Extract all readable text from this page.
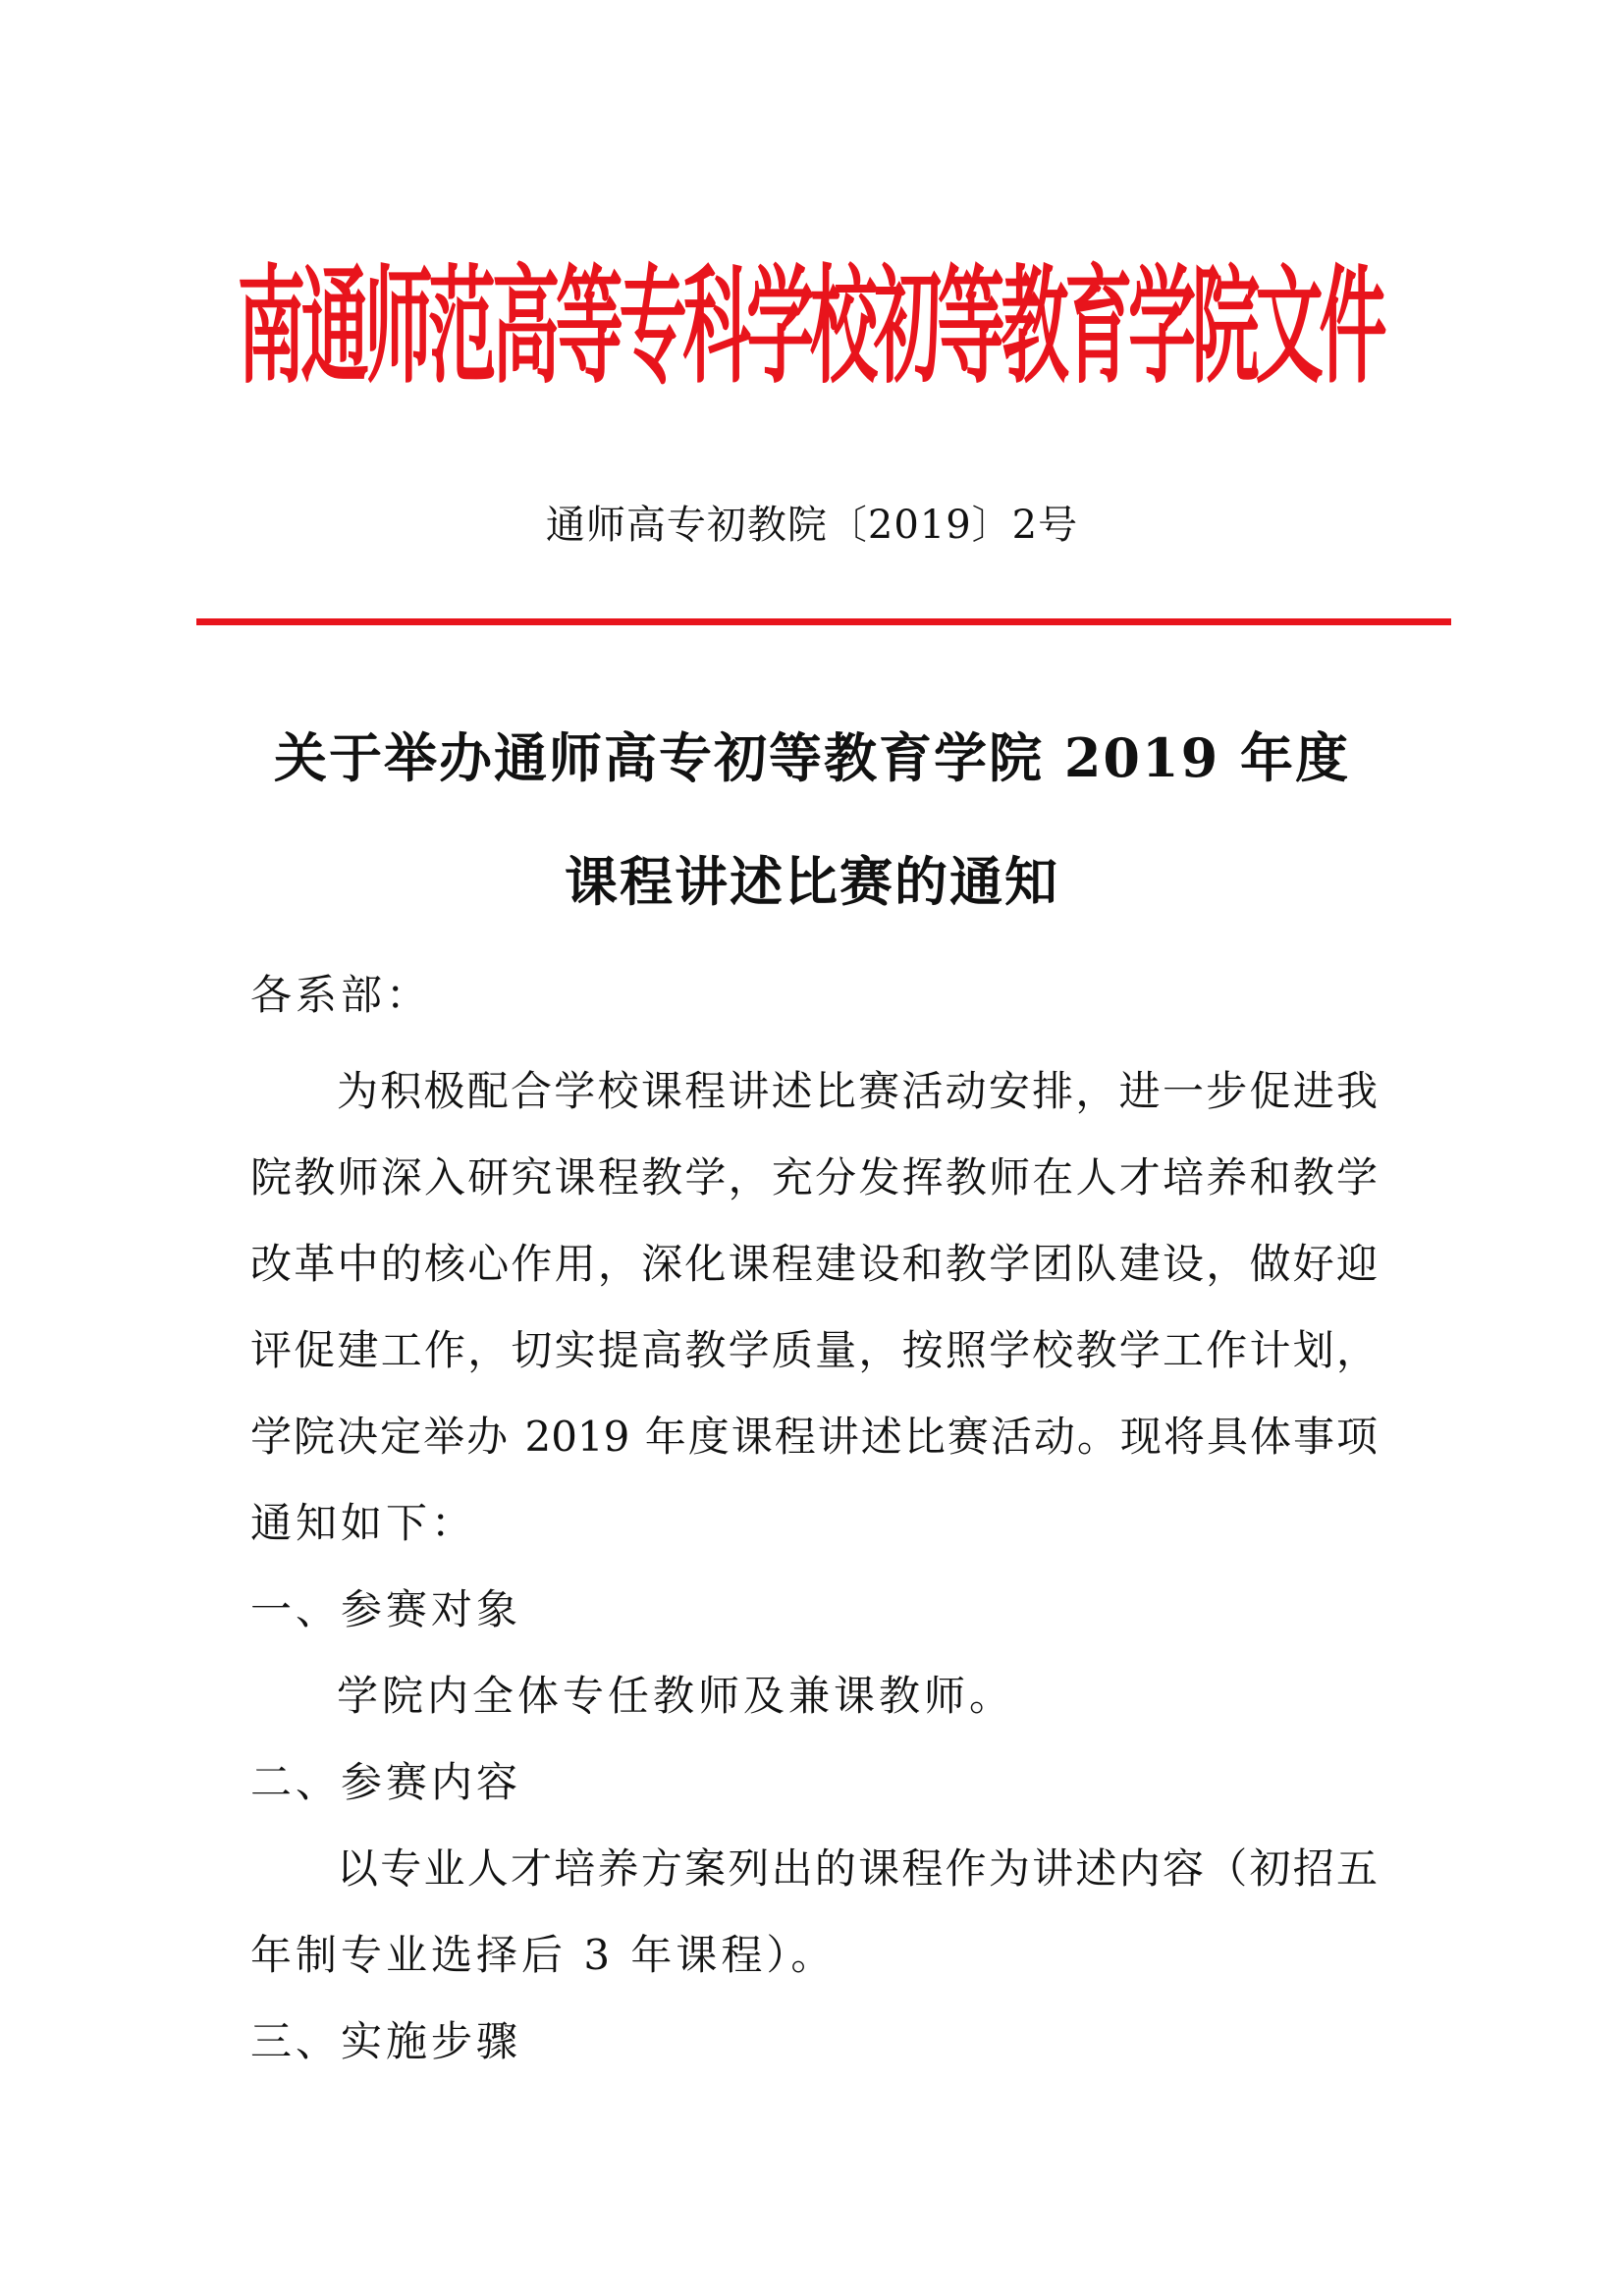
南通师范高等专科学校初等教育学院文件
通师高专初教院〔2019〕2号
关于举办通师高专初等教育学院 2019 年度
课程讲述比赛的通知
各系部：
为积极配合学校课程讲述比赛活动安排，进一步促进我
院教师深入研究课程教学，充分发挥教师在人才培养和教学
改革中的核心作用，深化课程建设和教学团队建设，做好迎
评促建工作，切实提高教学质量，按照学校教学工作计划，
学院决定举办 2019 年度课程讲述比赛活动。现将具体事项
通知如下：
一、参赛对象
学院内全体专任教师及兼课教师。
二、参赛内容
以专业人才培养方案列出的课程作为讲述内容（初招五
年制专业选择后 3 年课程）。
三、实施步骤
